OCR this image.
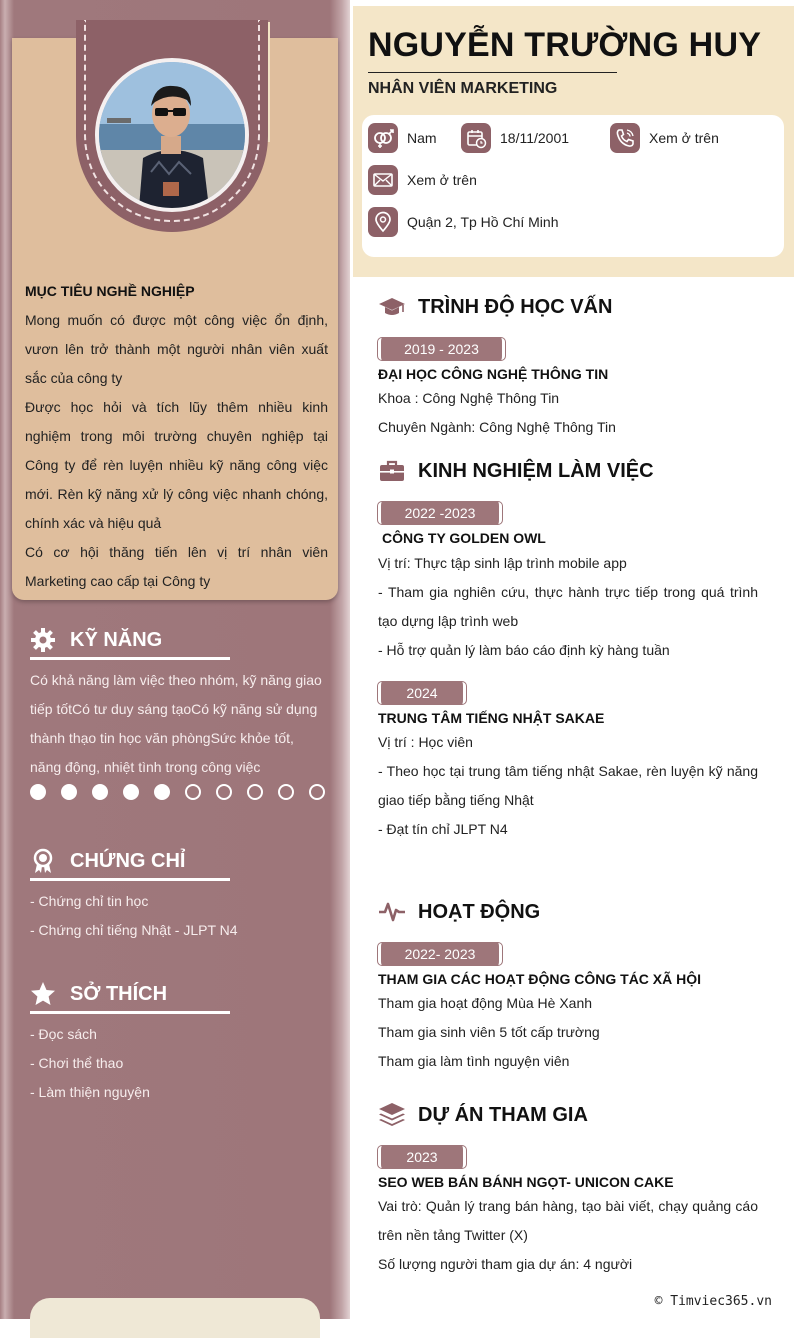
MỤC TIÊU NGHỀ NGHIỆP

Mong muốn có được một công việc ổn định, vươn lên trở thành một người nhân viên xuất sắc của công ty

Được học hỏi và tích lũy thêm nhiều kinh nghiệm trong môi trường chuyên nghiệp tại Công ty để rèn luyện nhiều kỹ năng công việc mới. Rèn kỹ năng xử lý công việc nhanh chóng, chính xác và hiệu quả

Có cơ hội thăng tiến lên vị trí nhân viên Marketing cao cấp tại Công ty

KỸ NĂNG
Có khả năng làm việc theo nhóm, kỹ năng giao tiếp tốtCó tư duy sáng tạoCó kỹ năng sử dụng thành thạo tin học văn phòngSức khỏe tốt, năng động, nhiệt tình trong công việc
CHỨNG CHỈ

- Chứng chỉ tin học

- Chứng chỉ tiếng Nhật - JLPT N4

SỞ THÍCH

- Đọc sách

- Chơi thể thao

- Làm thiện nguyện

NGUYỄN TRƯỜNG HUY
NHÂN VIÊN MARKETING
Nam	18/11/2001	Xem ở trên
Xem ở trên
Quận 2, Tp Hồ Chí Minh
TRÌNH ĐỘ HỌC VẤN
2019 - 2023
ĐẠI HỌC CÔNG NGHỆ THÔNG TIN

Khoa : Công Nghệ Thông Tin

Chuyên Ngành: Công Nghệ Thông Tin

KINH NGHIỆM LÀM VIỆC
2022 -2023
CÔNG TY GOLDEN OWL

Vị trí: Thực tập sinh lập trình mobile app

- Tham gia nghiên cứu, thực hành trực tiếp trong quá trình tạo dựng lập trình web

- Hỗ trợ quản lý làm báo cáo định kỳ hàng tuần

2024
TRUNG TÂM TIẾNG NHẬT SAKAE

Vị trí : Học viên

- Theo học tại trung tâm tiếng nhật Sakae, rèn luyện kỹ năng giao tiếp bằng tiếng Nhật

- Đạt tín chỉ JLPT N4

HOẠT ĐỘNG
2022- 2023
THAM GIA CÁC HOẠT ĐỘNG CÔNG TÁC XÃ HỘI

Tham gia hoạt động Mùa Hè Xanh

Tham gia sinh viên 5 tốt cấp trường

Tham gia làm tình nguyện viên

DỰ ÁN THAM GIA
2023
SEO WEB BÁN BÁNH NGỌT- UNICON CAKE

Vai trò: Quản lý trang bán hàng, tạo bài viết, chạy quảng cáo trên nền tảng Twitter (X)

Số lượng người tham gia dự án: 4 người

© Timviec365.vn
